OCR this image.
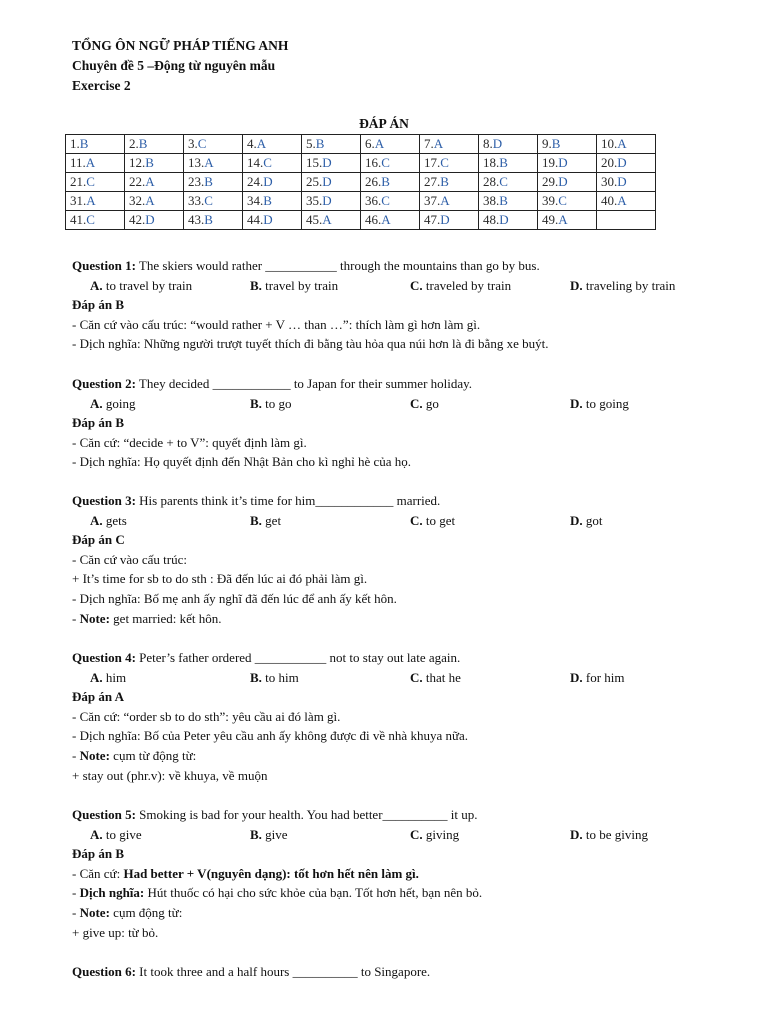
TỔNG ÔN NGỮ PHÁP TIẾNG ANH
Chuyên đề 5 –Động từ nguyên mẫu
Exercise 2
ĐÁP ÁN
1.B	2.B	3.C	4.A	5.B	6.A	7.A	8.D	9.B	10.A
11.A	12.B	13.A	14.C	15.D	16.C	17.C	18.B	19.D	20.D
21.C	22.A	23.B	24.D	25.D	26.B	27.B	28.C	29.D	30.D
31.A	32.A	33.C	34.B	35.D	36.C	37.A	38.B	39.C	40.A
41.C	42.D	43.B	44.D	45.A	46.A	47.D	48.D	49.A	
Question 1: The skiers would rather ___________ through the mountains than go by bus.
A. to travel by train	B. travel by train	C. traveled by train	D. traveling by train
Đáp án B
- Căn cứ vào cấu trúc: “would rather + V … than …”: thích làm gì hơn làm gì.
- Dịch nghĩa: Những người trượt tuyết thích đi bằng tàu hỏa qua núi hơn là đi bằng xe buýt.
Question 2: They decided ____________ to Japan for their summer holiday.
A. going	B. to go	C. go	D. to going
Đáp án B
- Căn cứ: “decide + to V”: quyết định làm gì.
- Dịch nghĩa: Họ quyết định đến Nhật Bản cho kì nghỉ hè của họ.
Question 3: His parents think it’s time for him____________ married.
A. gets	B. get	C. to get	D. got
Đáp án C
- Căn cứ vào cấu trúc:
+ It’s time for sb to do sth : Đã đến lúc ai đó phải làm gì.
- Dịch nghĩa: Bố mẹ anh ấy nghĩ đã đến lúc để anh ấy kết hôn.
- Note: get married: kết hôn.
Question 4: Peter’s father ordered ___________ not to stay out late again.
A. him	B. to him	C. that he	D. for him
Đáp án A
- Căn cứ: “order sb to do sth”: yêu cầu ai đó làm gì.
- Dịch nghĩa: Bố của Peter yêu cầu anh ấy không được đi về nhà khuya nữa.
- Note: cụm từ động từ:
+ stay out (phr.v): về khuya, về muộn
Question 5: Smoking is bad for your health. You had better__________ it up.
A. to give	B. give	C. giving	D. to be giving
Đáp án B
- Căn cứ: Had better + V(nguyên dạng): tốt hơn hết nên làm gì.
- Dịch nghĩa: Hút thuốc có hại cho sức khỏe của bạn. Tốt hơn hết, bạn nên bỏ.
- Note: cụm động từ:
+ give up: từ bỏ.
Question 6: It took three and a half hours __________ to Singapore.
